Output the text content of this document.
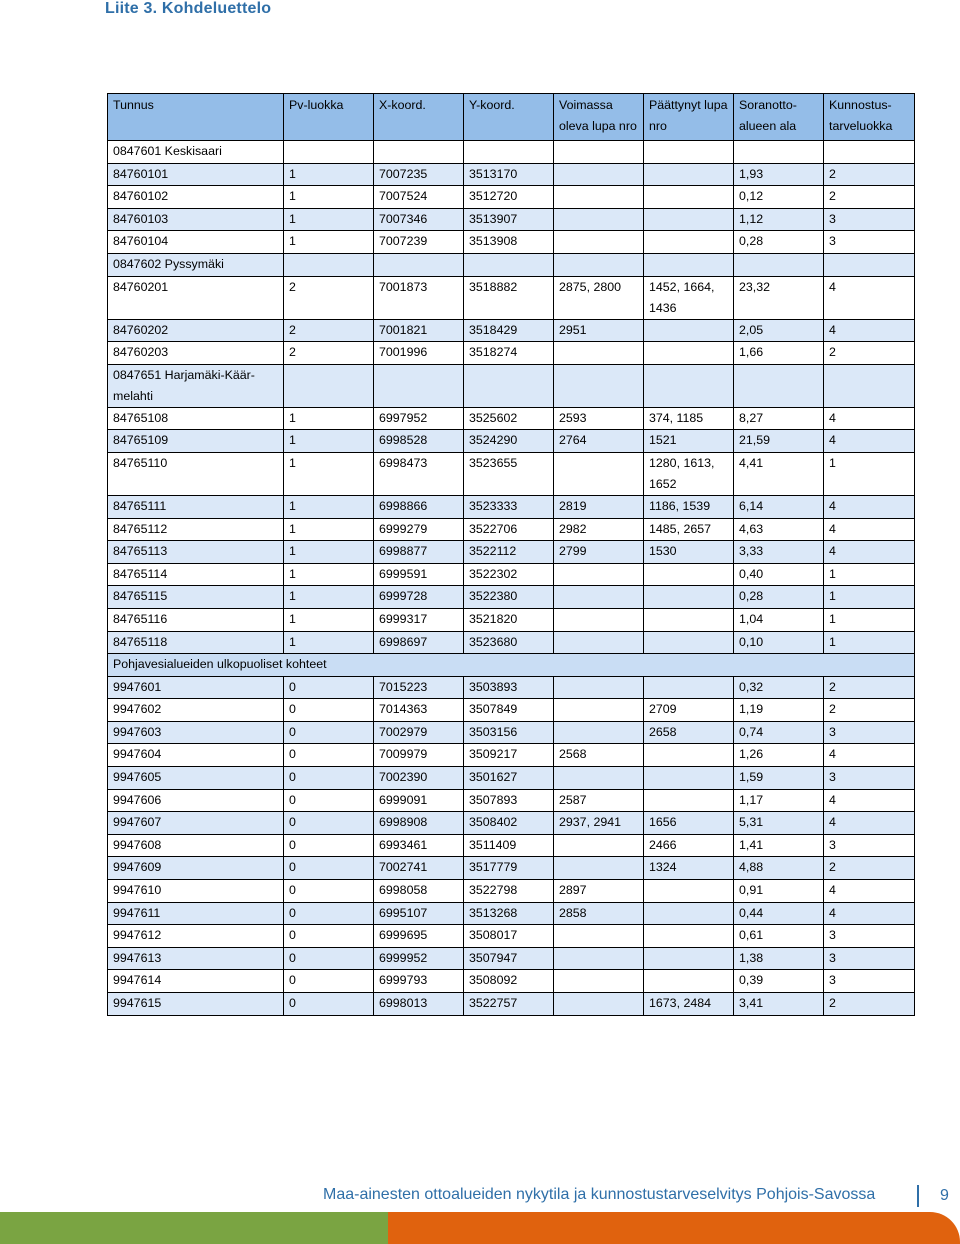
Liite 3. Kohdeluettelo
Tunnus	Pv-luokka	X-koord.	Y-koord.	Voimassa oleva lupa nro	Päättynyt lupa nro	Soranotto-alueen ala	Kunnostus-tarveluokka
0847601 Keskisaari							
84760101	1	7007235	3513170			1,93	2
84760102	1	7007524	3512720			0,12	2
84760103	1	7007346	3513907			1,12	3
84760104	1	7007239	3513908			0,28	3
0847602 Pyssymäki							
84760201	2	7001873	3518882	2875, 2800	1452, 1664, 1436	23,32	4
84760202	2	7001821	3518429	2951		2,05	4
84760203	2	7001996	3518274			1,66	2
0847651 Harjamäki-Käär-melahti							
84765108	1	6997952	3525602	2593	374, 1185	8,27	4
84765109	1	6998528	3524290	2764	1521	21,59	4
84765110	1	6998473	3523655		1280, 1613, 1652	4,41	1
84765111	1	6998866	3523333	2819	1186, 1539	6,14	4
84765112	1	6999279	3522706	2982	1485, 2657	4,63	4
84765113	1	6998877	3522112	2799	1530	3,33	4
84765114	1	6999591	3522302			0,40	1
84765115	1	6999728	3522380			0,28	1
84765116	1	6999317	3521820			1,04	1
84765118	1	6998697	3523680			0,10	1
Pohjavesialueiden ulkopuoliset kohteet							
9947601	0	7015223	3503893			0,32	2
9947602	0	7014363	3507849		2709	1,19	2
9947603	0	7002979	3503156		2658	0,74	3
9947604	0	7009979	3509217	2568		1,26	4
9947605	0	7002390	3501627			1,59	3
9947606	0	6999091	3507893	2587		1,17	4
9947607	0	6998908	3508402	2937, 2941	1656	5,31	4
9947608	0	6993461	3511409		2466	1,41	3
9947609	0	7002741	3517779		1324	4,88	2
9947610	0	6998058	3522798	2897		0,91	4
9947611	0	6995107	3513268	2858		0,44	4
9947612	0	6999695	3508017			0,61	3
9947613	0	6999952	3507947			1,38	3
9947614	0	6999793	3508092			0,39	3
9947615	0	6998013	3522757		1673, 2484	3,41	2
Maa-ainesten ottoalueiden nykytila ja kunnostustarveselvitys Pohjois-Savossa	9
